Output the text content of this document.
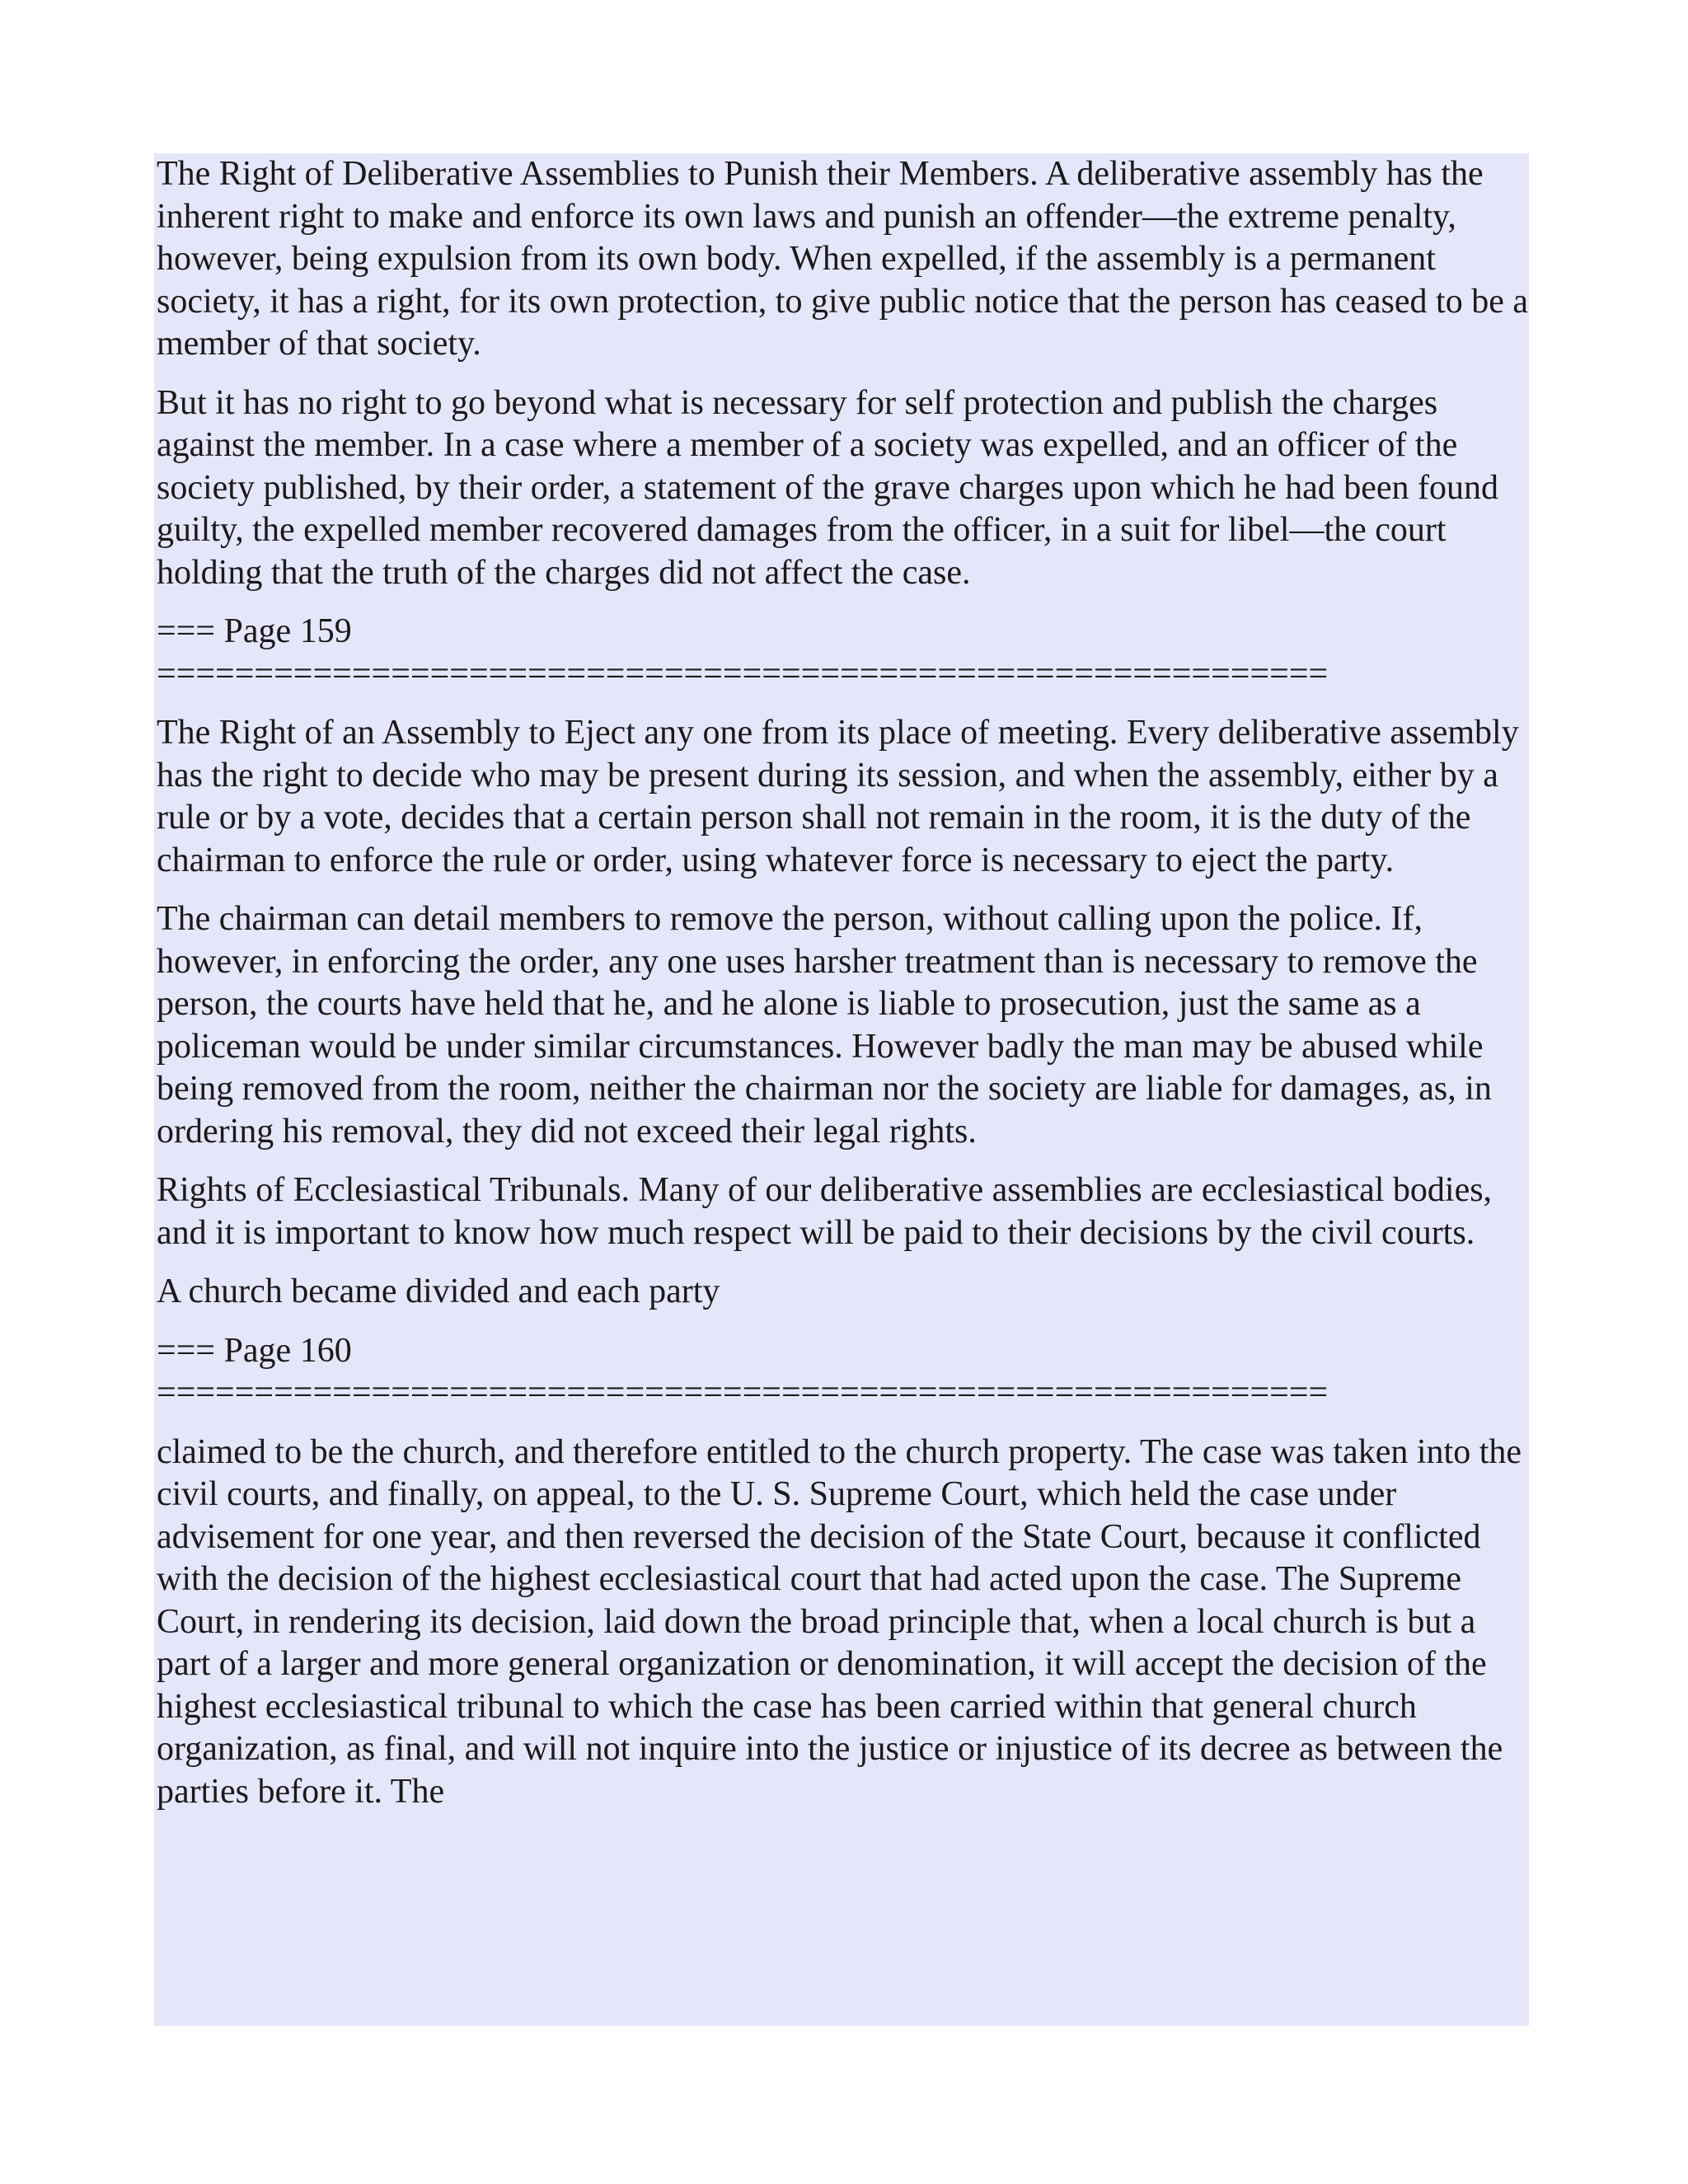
The Right of Deliberative Assemblies to Punish their Members. A deliberative assembly has the inherent right to make and enforce its own laws and punish an offender—the extreme penalty, however, being expulsion from its own body. When expelled, if the assembly is a permanent society, it has a right, for its own protection, to give public notice that the person has ceased to be a member of that society.

But it has no right to go beyond what is necessary for self protection and publish the charges against the member. In a case where a member of a society was expelled, and an officer of the society published, by their order, a statement of the grave charges upon which he had been found guilty, the expelled member recovered damages from the officer, in a suit for libel—the court holding that the truth of the charges did not affect the case.

=== Page 159

============================================================

The Right of an Assembly to Eject any one from its place of meeting. Every deliberative assembly has the right to decide who may be present during its session, and when the assembly, either by a rule or by a vote, decides that a certain person shall not remain in the room, it is the duty of the chairman to enforce the rule or order, using whatever force is necessary to eject the party.

The chairman can detail members to remove the person, without calling upon the police. If, however, in enforcing the order, any one uses harsher treatment than is necessary to remove the person, the courts have held that he, and he alone is liable to prosecution, just the same as a policeman would be under similar circumstances. However badly the man may be abused while being removed from the room, neither the chairman nor the society are liable for damages, as, in ordering his removal, they did not exceed their legal rights.

Rights of Ecclesiastical Tribunals. Many of our deliberative assemblies are ecclesiastical bodies, and it is important to know how much respect will be paid to their decisions by the civil courts.

A church became divided and each party

=== Page 160

============================================================

claimed to be the church, and therefore entitled to the church property. The case was taken into the civil courts, and finally, on appeal, to the U. S. Supreme Court, which held the case under advisement for one year, and then reversed the decision of the State Court, because it conflicted with the decision of the highest ecclesiastical court that had acted upon the case. The Supreme Court, in rendering its decision, laid down the broad principle that, when a local church is but a part of a larger and more general organization or denomination, it will accept the decision of the highest ecclesiastical tribunal to which the case has been carried within that general church organization, as final, and will not inquire into the justice or injustice of its decree as between the parties before it. The
